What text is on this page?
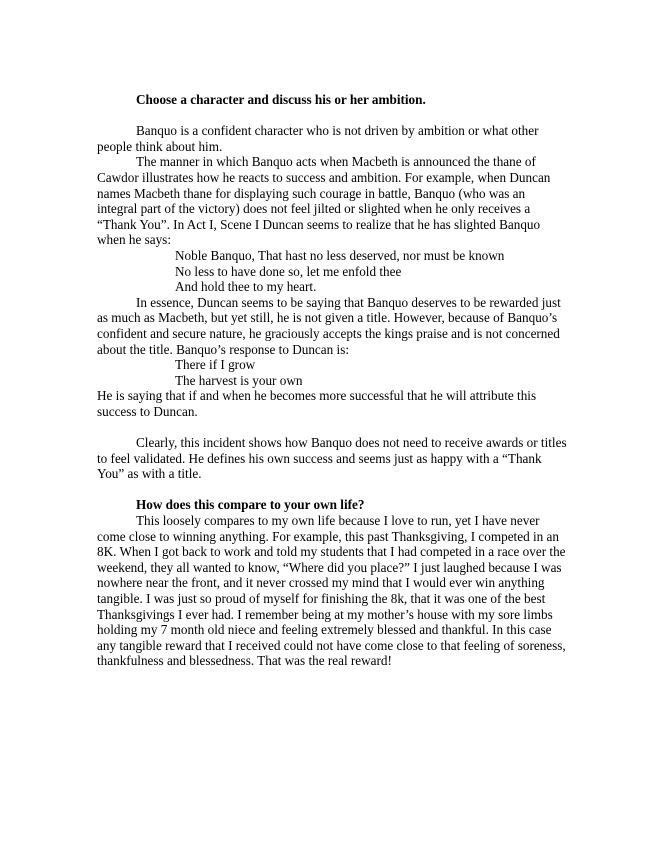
Choose a character and discuss his or her ambition.

Banquo is a confident character who is not driven by ambition or what other people think about him.

The manner in which Banquo acts when Macbeth is announced the thane of Cawdor illustrates how he reacts to success and ambition. For example, when Duncan names Macbeth thane for displaying such courage in battle, Banquo (who was an integral part of the victory) does not feel jilted or slighted when he only receives a “Thank You”. In Act I, Scene I Duncan seems to realize that he has slighted Banquo when he says:

Noble Banquo, That hast no less deserved, nor must be known

No less to have done so, let me enfold thee

And hold thee to my heart.

In essence, Duncan seems to be saying that Banquo deserves to be rewarded just as much as Macbeth, but yet still, he is not given a title. However, because of Banquo’s confident and secure nature, he graciously accepts the kings praise and is not concerned about the title. Banquo’s response to Duncan is:

There if I grow

The harvest is your own

He is saying that if and when he becomes more successful that he will attribute this success to Duncan.

Clearly, this incident shows how Banquo does not need to receive awards or titles to feel validated. He defines his own success and seems just as happy with a “Thank You” as with a title.

How does this compare to your own life?

This loosely compares to my own life because I love to run, yet I have never come close to winning anything. For example, this past Thanksgiving, I competed in an 8K. When I got back to work and told my students that I had competed in a race over the weekend, they all wanted to know, “Where did you place?” I just laughed because I was nowhere near the front, and it never crossed my mind that I would ever win anything tangible. I was just so proud of myself for finishing the 8k, that it was one of the best Thanksgivings I ever had. I remember being at my mother’s house with my sore limbs holding my 7 month old niece and feeling extremely blessed and thankful. In this case any tangible reward that I received could not have come close to that feeling of soreness, thankfulness and blessedness. That was the real reward!
